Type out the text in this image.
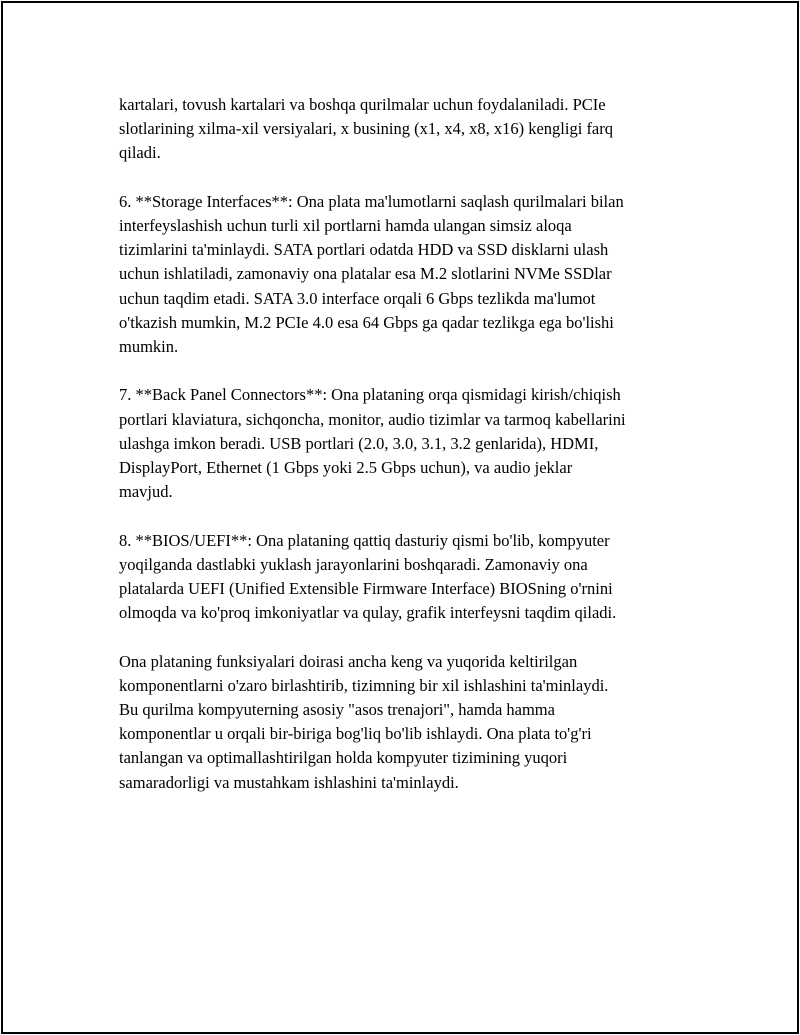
kartalari, tovush kartalari va boshqa qurilmalar uchun foydalaniladi. PCIe
slotlarining xilma-xil versiyalari, x busining (x1, x4, x8, x16) kengligi farq
qiladi.

6. **Storage Interfaces**: Ona plata ma'lumotlarni saqlash qurilmalari bilan
interfeyslashish uchun turli xil portlarni hamda ulangan simsiz aloqa
tizimlarini ta'minlaydi. SATA portlari odatda HDD va SSD disklarni ulash
uchun ishlatiladi, zamonaviy ona platalar esa M.2 slotlarini NVMe SSDlar
uchun taqdim etadi. SATA 3.0 interface orqali 6 Gbps tezlikda ma'lumot
o'tkazish mumkin, M.2 PCIe 4.0 esa 64 Gbps ga qadar tezlikga ega bo'lishi
mumkin.

7. **Back Panel Connectors**: Ona plataning orqa qismidagi kirish/chiqish
portlari klaviatura, sichqoncha, monitor, audio tizimlar va tarmoq kabellarini
ulashga imkon beradi. USB portlari (2.0, 3.0, 3.1, 3.2 genlarida), HDMI,
DisplayPort, Ethernet (1 Gbps yoki 2.5 Gbps uchun), va audio jeklar
mavjud.

8. **BIOS/UEFI**: Ona plataning qattiq dasturiy qismi bo'lib, kompyuter
yoqilganda dastlabki yuklash jarayonlarini boshqaradi. Zamonaviy ona
platalarda UEFI (Unified Extensible Firmware Interface) BIOSning o'rnini
olmoqda va ko'proq imkoniyatlar va qulay, grafik interfeysni taqdim qiladi.

Ona plataning funksiyalari doirasi ancha keng va yuqorida keltirilgan
komponentlarni o'zaro birlashtirib, tizimning bir xil ishlashini ta'minlaydi.
Bu qurilma kompyuterning asosiy "asos trenajori", hamda hamma
komponentlar u orqali bir-biriga bog'liq bo'lib ishlaydi. Ona plata to'g'ri
tanlangan va optimallashtirilgan holda kompyuter tizimining yuqori
samaradorligi va mustahkam ishlashini ta'minlaydi.
